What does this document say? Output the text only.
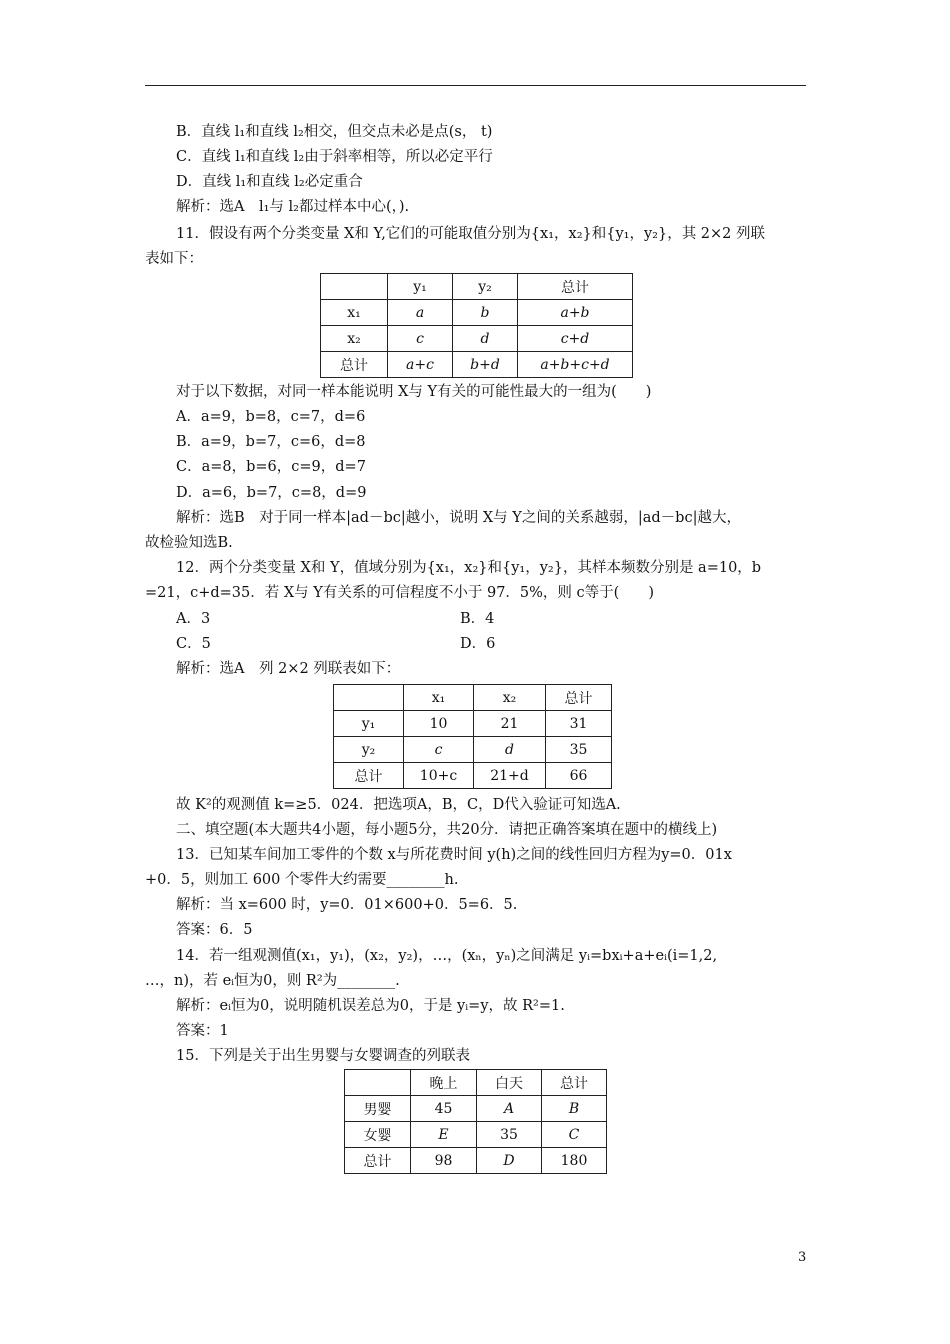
B．直线 l₁和直线 l₂相交，但交点未必是点(s， t)
C．直线 l₁和直线 l₂由于斜率相等，所以必定平行
D．直线 l₁和直线 l₂必定重合
解析：选A　l₁与 l₂都过样本中心(，).
11．假设有两个分类变量 X和 Y,它们的可能取值分别为{x₁，x₂}和{y₁，y₂}，其 2×2 列联
表如下：
	y₁	y₂	总计
x₁	a	b	a+b
x₂	c	d	c+d
总计	a+c	b+d	a+b+c+d
对于以下数据，对同一样本能说明 X与 Y有关的可能性最大的一组为(　　)
A．a=9，b=8，c=7，d=6
B．a=9，b=7，c=6，d=8
C．a=8，b=6，c=9，d=7
D．a=6，b=7，c=8，d=9
解析：选B　对于同一样本|ad－bc|越小，说明 X与 Y之间的关系越弱，|ad－bc|越大，
故检验知选B.
12．两个分类变量 X和 Y，值域分别为{x₁，x₂}和{y₁，y₂}，其样本频数分别是 a=10，b
=21，c+d=35．若 X与 Y有关系的可信程度不小于 97．5%，则 c等于(　　)
A．3	B．4
C．5	D．6
解析：选A　列 2×2 列联表如下：
	x₁	x₂	总计
y₁	10	21	31
y₂	c	d	35
总计	10+c	21+d	66
故 K²的观测值 k=≥5．024．把选项A，B，C，D代入验证可知选A.
二、填空题(本大题共4小题，每小题5分，共20分．请把正确答案填在题中的横线上)
13．已知某车间加工零件的个数 x与所花费时间 y(h)之间的线性回归方程为y=0．01x
+0．5，则加工 600 个零件大约需要________h.
解析：当 x=600 时，y=0．01×600+0．5=6．5.
答案：6．5
14．若一组观测值(x₁，y₁)，(x₂，y₂)，…，(xₙ，yₙ)之间满足 yᵢ=bxᵢ+a+eᵢ(i=1,2,
…，n)，若 eᵢ恒为0，则 R²为________.
解析：eᵢ恒为0，说明随机误差总为0，于是 yᵢ=y，故 R²=1.
答案：1
15．下列是关于出生男婴与女婴调查的列联表
	晚上	白天	总计
男婴	45	A	B
女婴	E	35	C
总计	98	D	180
3
